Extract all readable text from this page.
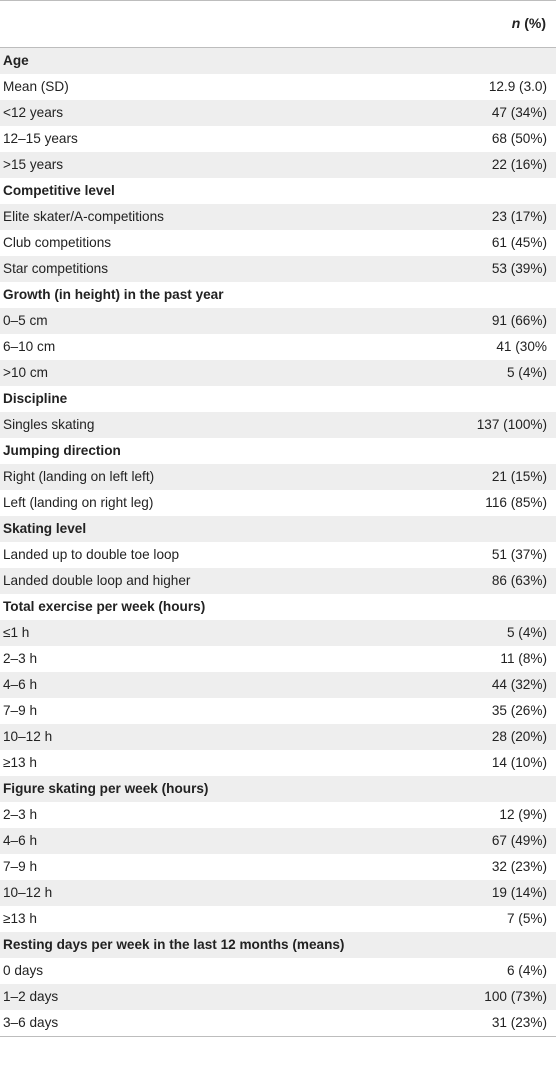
n (%)
Age
Mean (SD)	12.9 (3.0)
<12 years	47 (34%)
12–15 years	68 (50%)
>15 years	22 (16%)
Competitive level
Elite skater/A-competitions	23 (17%)
Club competitions	61 (45%)
Star competitions	53 (39%)
Growth (in height) in the past year
0–5 cm	91 (66%)
6–10 cm	41 (30%
>10 cm	5 (4%)
Discipline
Singles skating	137 (100%)
Jumping direction
Right (landing on left left)	21 (15%)
Left (landing on right leg)	116 (85%)
Skating level
Landed up to double toe loop	51 (37%)
Landed double loop and higher	86 (63%)
Total exercise per week (hours)
≤1 h	5 (4%)
2–3 h	11 (8%)
4–6 h	44 (32%)
7–9 h	35 (26%)
10–12 h	28 (20%)
≥13 h	14 (10%)
Figure skating per week (hours)
2–3 h	12 (9%)
4–6 h	67 (49%)
7–9 h	32 (23%)
10–12 h	19 (14%)
≥13 h	7 (5%)
Resting days per week in the last 12 months (means)
0 days	6 (4%)
1–2 days	100 (73%)
3–6 days	31 (23%)
